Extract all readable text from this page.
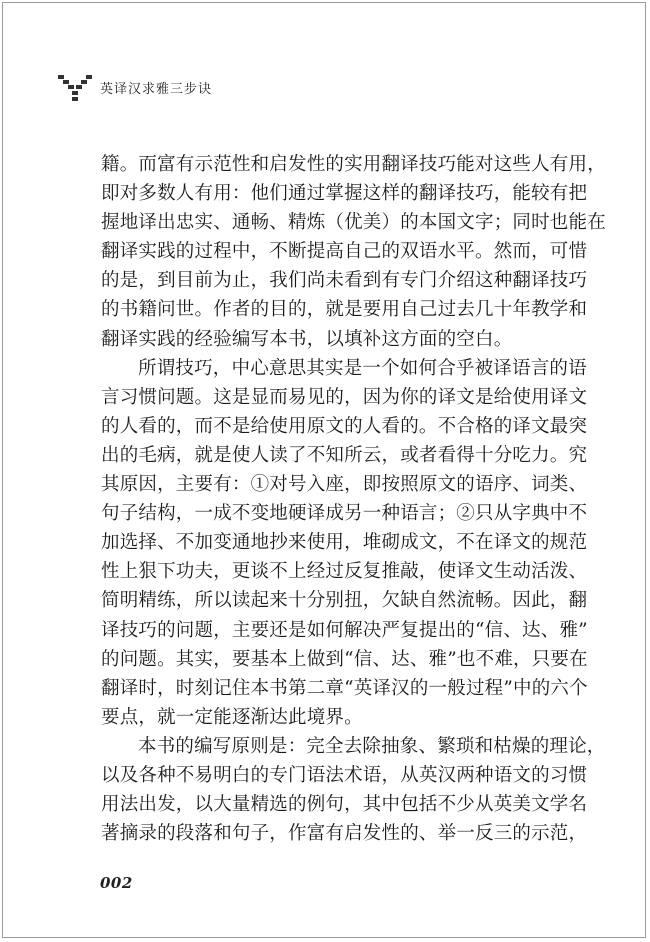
英译汉求雅三步诀
籍。而富有示范性和启发性的实用翻译技巧能对这些人有用，
即对多数人有用：他们通过掌握这样的翻译技巧，能较有把
握地译出忠实、通畅、精炼（优美）的本国文字；同时也能在
翻译实践的过程中，不断提高自己的双语水平。然而，可惜
的是，到目前为止，我们尚未看到有专门介绍这种翻译技巧
的书籍问世。作者的目的，就是要用自己过去几十年教学和
翻译实践的经验编写本书，以填补这方面的空白。
所谓技巧，中心意思其实是一个如何合乎被译语言的语
言习惯问题。这是显而易见的，因为你的译文是给使用译文
的人看的，而不是给使用原文的人看的。不合格的译文最突
出的毛病，就是使人读了不知所云，或者看得十分吃力。究
其原因，主要有：①对号入座，即按照原文的语序、词类、
句子结构，一成不变地硬译成另一种语言；②只从字典中不
加选择、不加变通地抄来使用，堆砌成文，不在译文的规范
性上狠下功夫，更谈不上经过反复推敲，使译文生动活泼、
简明精练，所以读起来十分别扭，欠缺自然流畅。因此，翻
译技巧的问题，主要还是如何解决严复提出的“信、达、雅”
的问题。其实，要基本上做到“信、达、雅”也不难，只要在
翻译时，时刻记住本书第二章“英译汉的一般过程”中的六个
要点，就一定能逐渐达此境界。
本书的编写原则是：完全去除抽象、繁琐和枯燥的理论，
以及各种不易明白的专门语法术语，从英汉两种语文的习惯
用法出发，以大量精选的例句，其中包括不少从英美文学名
著摘录的段落和句子，作富有启发性的、举一反三的示范，
002
